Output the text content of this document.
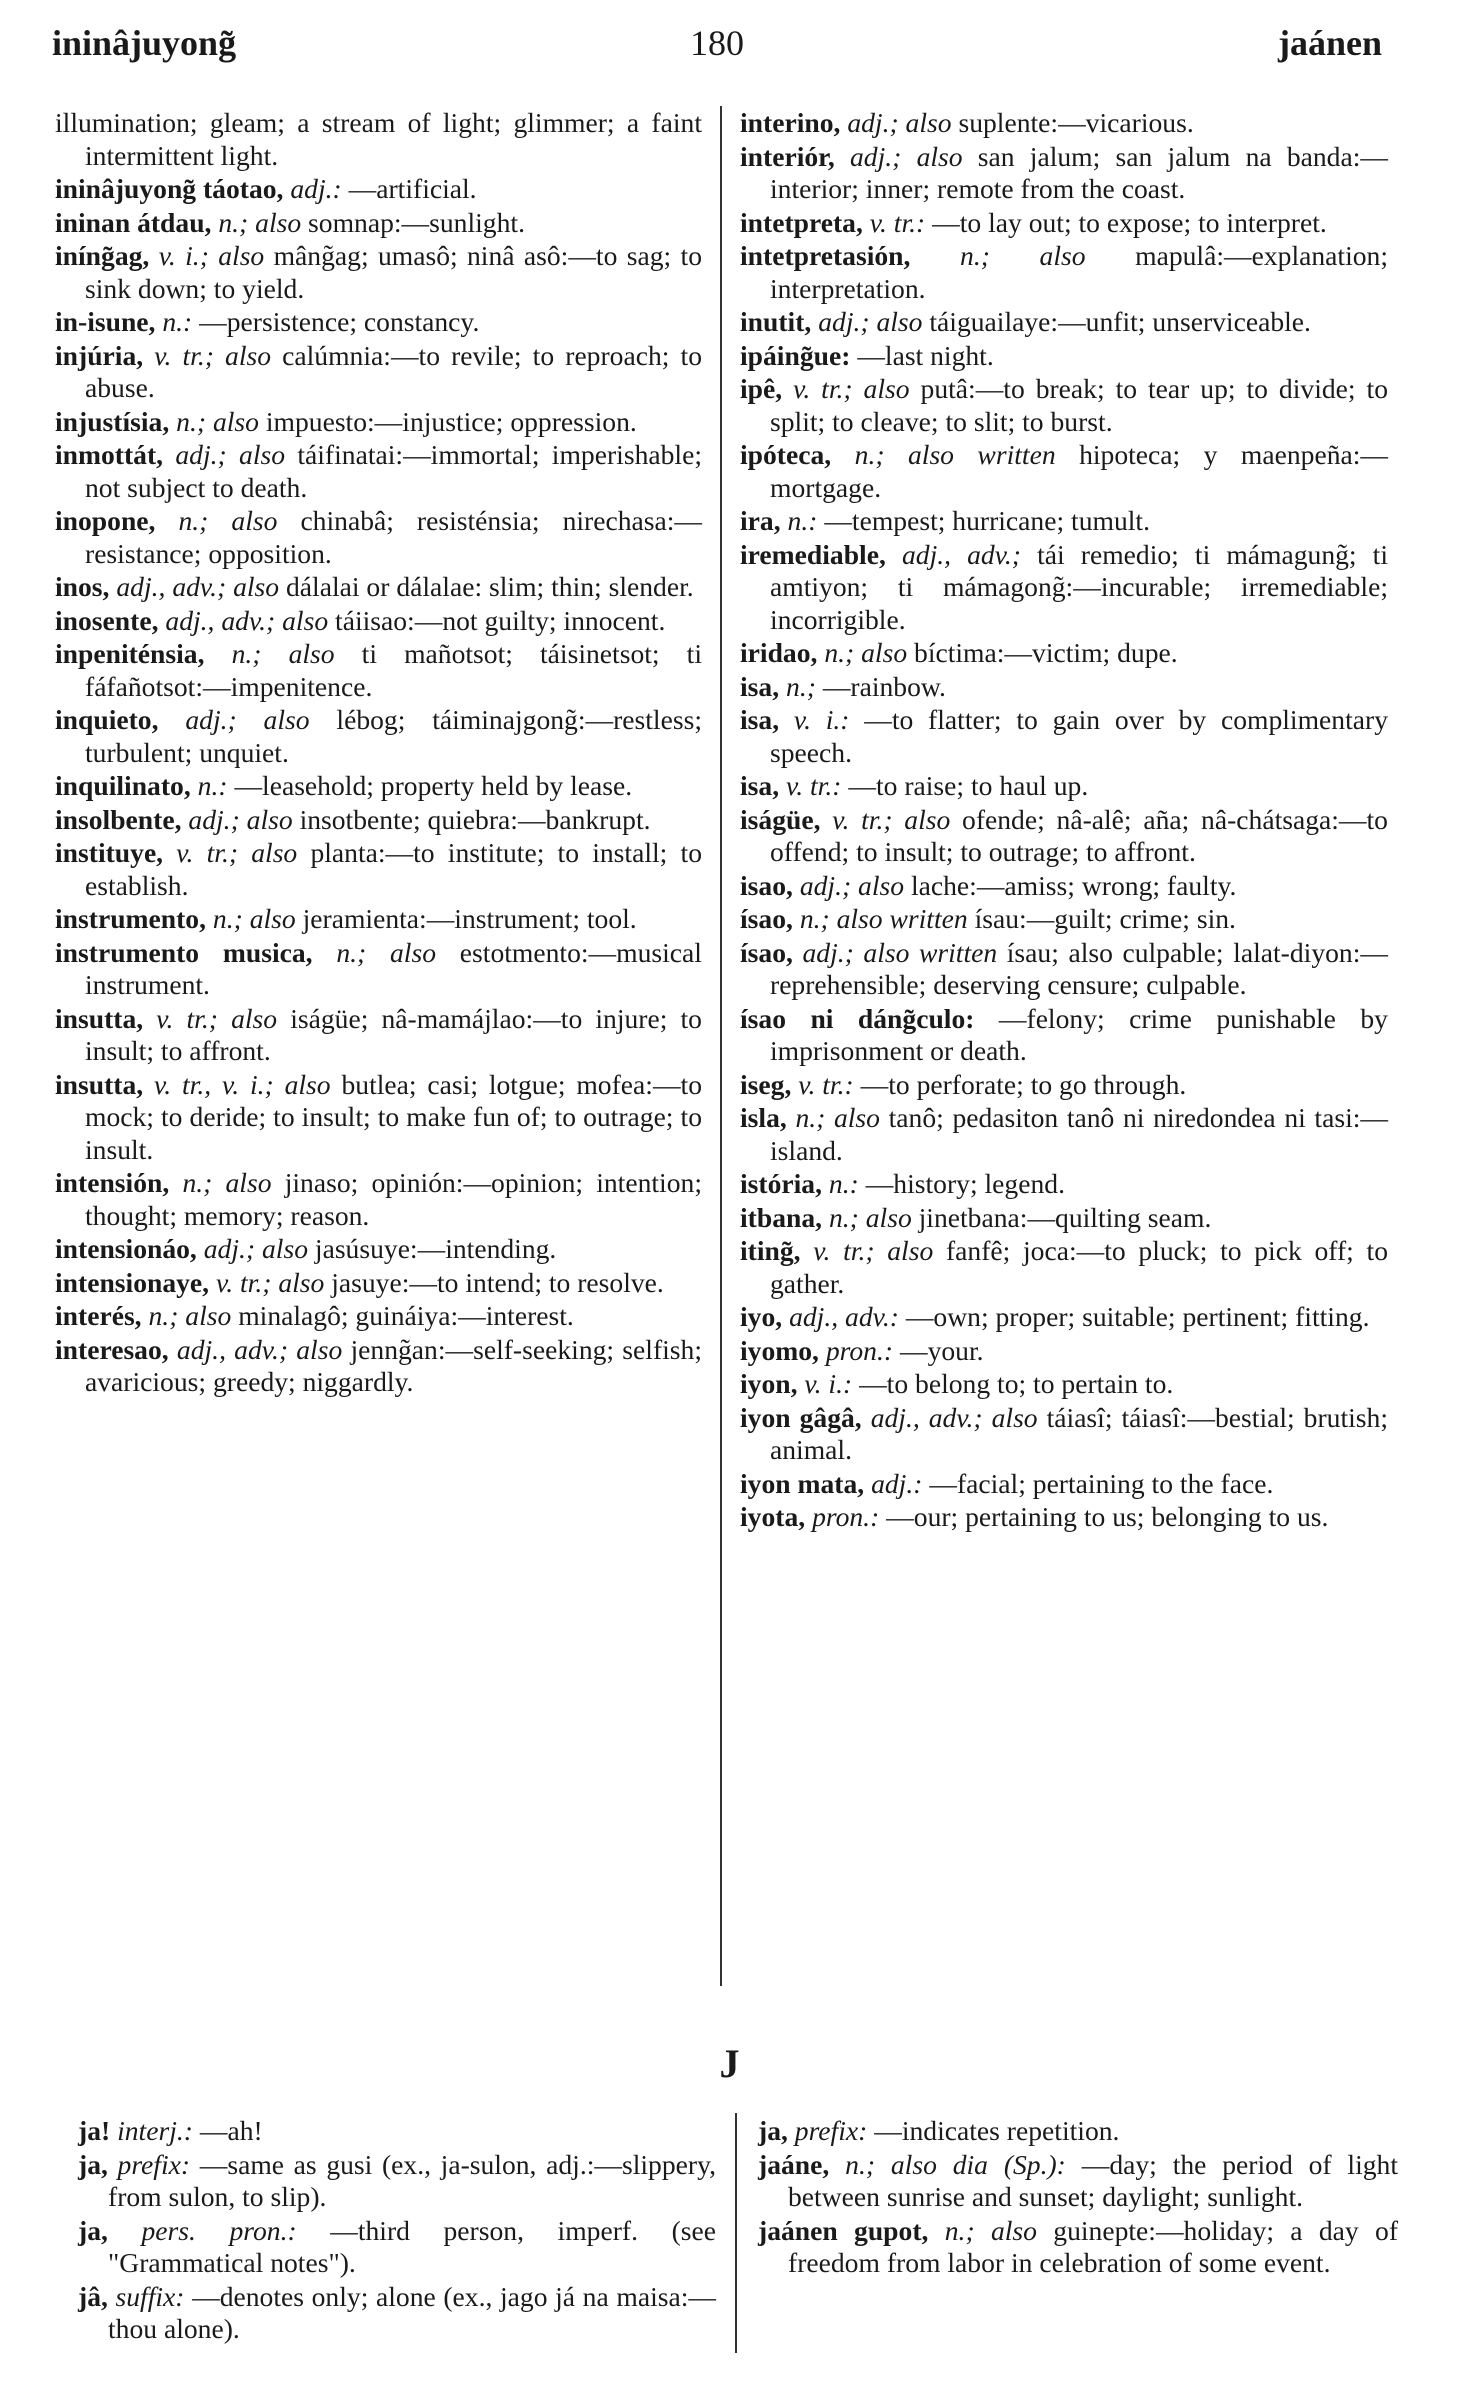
ininâjuyong̃	180	jaánen

illumination; gleam; a stream of light; glimmer; a faint intermittent light.

ininâjuyong̃ táotao, adj.: —artificial.

ininan átdau, n.; also somnap:—sunlight.

iníng̃ag, v. i.; also mâng̃ag; umasô; ninâ asô:—to sag; to sink down; to yield.

in-isune, n.: —persistence; constancy.

injúria, v. tr.; also calúmnia:—to revile; to reproach; to abuse.

injustísia, n.; also impuesto:—injustice; oppression.

inmottát, adj.; also táifinatai:—immortal; imperishable; not subject to death.

inopone, n.; also chinabâ; resisténsia; nirechasa:—resistance; opposition.

inos, adj., adv.; also dálalai or dálalae: slim; thin; slender.

inosente, adj., adv.; also táiisao:—not guilty; innocent.

inpeniténsia, n.; also ti mañotsot; táisinetsot; ti fáfañotsot:—impenitence.

inquieto, adj.; also lébog; táiminajgong̃:—restless; turbulent; unquiet.

inquilinato, n.: —leasehold; property held by lease.

insolbente, adj.; also insotbente; quiebra:—bankrupt.

instituye, v. tr.; also planta:—to institute; to install; to establish.

instrumento, n.; also jeramienta:—instrument; tool.

instrumento musica, n.; also estotmento:—musical instrument.

insutta, v. tr.; also iságüe; nâ-mamájlao:—to injure; to insult; to affront.

insutta, v. tr., v. i.; also butlea; casi; lotgue; mofea:—to mock; to deride; to insult; to make fun of; to outrage; to insult.

intensión, n.; also jinaso; opinión:—opinion; intention; thought; memory; reason.

intensionáo, adj.; also jasúsuye:—intending.

intensionaye, v. tr.; also jasuye:—to intend; to resolve.

interés, n.; also minalagô; guináiya:—interest.

interesao, adj., adv.; also jenng̃an:—self-seeking; selfish; avaricious; greedy; niggardly.

interino, adj.; also suplente:—vicarious.

interiór, adj.; also san jalum; san jalum na banda:—interior; inner; remote from the coast.

intetpreta, v. tr.: —to lay out; to expose; to interpret.

intetpretasión, n.; also mapulâ:—explanation; interpretation.

inutit, adj.; also táiguailaye:—unfit; unserviceable.

ipáing̃ue: —last night.

ipê, v. tr.; also putâ:—to break; to tear up; to divide; to split; to cleave; to slit; to burst.

ipóteca, n.; also written hipoteca; y maenpeña:—mortgage.

ira, n.: —tempest; hurricane; tumult.

iremediable, adj., adv.; tái remedio; ti mámagung̃; ti amtiyon; ti mámagong̃:—incurable; irremediable; incorrigible.

iridao, n.; also bíctima:—victim; dupe.

isa, n.; —rainbow.

isa, v. i.: —to flatter; to gain over by complimentary speech.

isa, v. tr.: —to raise; to haul up.

iságüe, v. tr.; also ofende; nâ-alê; aña; nâ-chátsaga:—to offend; to insult; to outrage; to affront.

isao, adj.; also lache:—amiss; wrong; faulty.

ísao, n.; also written ísau:—guilt; crime; sin.

ísao, adj.; also written ísau; also culpable; lalat-diyon:—reprehensible; deserving censure; culpable.

ísao ni dáng̃culo: —felony; crime punishable by imprisonment or death.

iseg, v. tr.: —to perforate; to go through.

isla, n.; also tanô; pedasiton tanô ni niredondea ni tasi:—island.

istória, n.: —history; legend.

itbana, n.; also jinetbana:—quilting seam.

iting̃, v. tr.; also fanfê; joca:—to pluck; to pick off; to gather.

iyo, adj., adv.: —own; proper; suitable; pertinent; fitting.

iyomo, pron.: —your.

iyon, v. i.: —to belong to; to pertain to.

iyon gâgâ, adj., adv.; also táiasî; táiasî:—bestial; brutish; animal.

iyon mata, adj.: —facial; pertaining to the face.

iyota, pron.: —our; pertaining to us; belonging to us.

J

ja! interj.: —ah!

ja, prefix: —same as gusi (ex., ja-sulon, adj.:—slippery, from sulon, to slip).

ja, pers. pron.: —third person, imperf. (see "Grammatical notes").

jâ, suffix: —denotes only; alone (ex., jago já na maisa:—thou alone).

ja, prefix: —indicates repetition.

jaáne, n.; also dia (Sp.): —day; the period of light between sunrise and sunset; daylight; sunlight.

jaánen gupot, n.; also guinepte:—holiday; a day of freedom from labor in celebration of some event.
